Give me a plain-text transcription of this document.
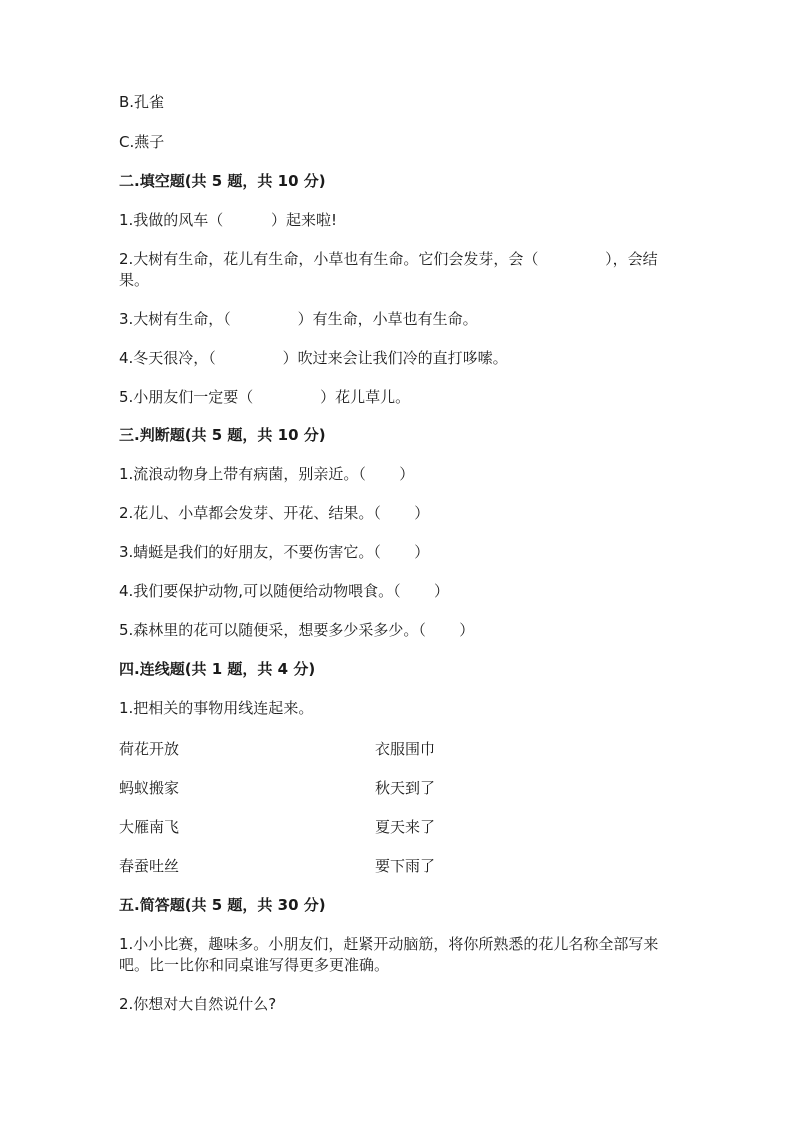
B.孔雀

C.燕子

二.填空题(共 5 题，共 10 分)

1.我做的风车（          ）起来啦!

2.大树有生命，花儿有生命，小草也有生命。它们会发芽，会（              ），会结果。

3.大树有生命，（              ）有生命，小草也有生命。

4.冬天很冷，（              ）吹过来会让我们冷的直打哆嗦。

5.小朋友们一定要（              ）花儿草儿。

三.判断题(共 5 题，共 10 分)

1.流浪动物身上带有病菌，别亲近。（       ）

2.花儿、小草都会发芽、开花、结果。（       ）

3.蜻蜓是我们的好朋友，不要伤害它。（       ）

4.我们要保护动物,可以随便给动物喂食。（       ）

5.森林里的花可以随便采，想要多少采多少。（       ）

四.连线题(共 1 题，共 4 分)

1.把相关的事物用线连起来。

荷花开放	衣服围巾
蚂蚁搬家	秋天到了
大雁南飞	夏天来了
春蚕吐丝	要下雨了

五.简答题(共 5 题，共 30 分)

1.小小比赛，趣味多。小朋友们，赶紧开动脑筋，将你所熟悉的花儿名称全部写来吧。比一比你和同桌谁写得更多更准确。

2.你想对大自然说什么?
